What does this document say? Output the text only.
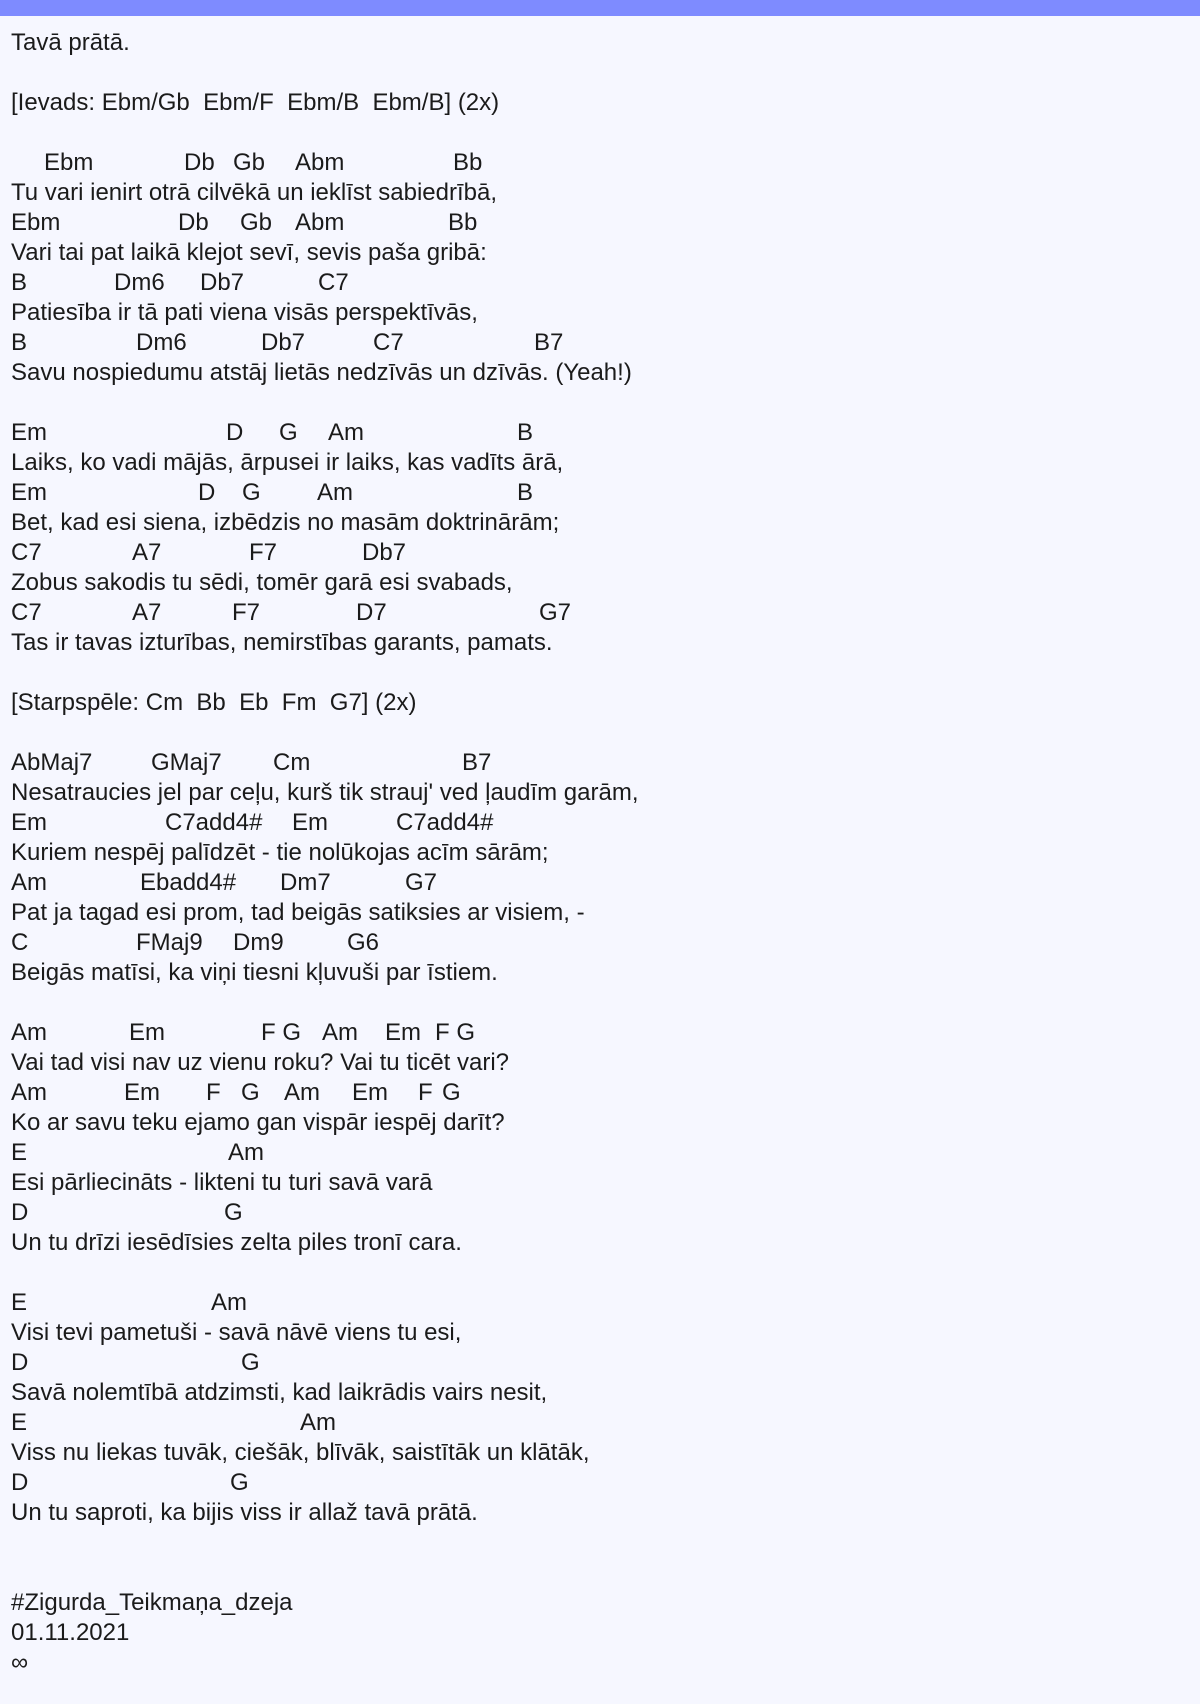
Tavā prātā.
[Ievads: Ebm/Gb  Ebm/F  Ebm/B  Ebm/B] (2x)
Ebm	Db Gb Abm	Bb
Tu vari ienirt otrā cilvēkā un ieklīst sabiedrībā,
Ebm	Db Gb Abm	Bb
Vari tai pat laikā klejot sevī, sevis paša gribā:
B	Dm6 Db7	C7
Patiesība ir tā pati viena visās perspektīvās,
B	Dm6	Db7	C7	B7
Savu nospiedumu atstāj lietās nedzīvās un dzīvās. (Yeah!)
Em	D G Am	B
Laiks, ko vadi mājās, ārpusei ir laiks, kas vadīts ārā,
Em	D G Am	B
Bet, kad esi siena, izbēdzis no masām doktrinārām;
C7	A7	F7	Db7
Zobus sakodis tu sēdi, tomēr garā esi svabads,
C7	A7	F7	D7	G7
Tas ir tavas izturības, nemirstības garants, pamats.
[Starpspēle: Cm  Bb  Eb  Fm  G7] (2x)
AbMaj7 GMaj7 Cm	B7
Nesatraucies jel par ceļu, kurš tik strauj' ved ļaudīm garām,
Em	C7add4# Em	C7add4#
Kuriem nespēj palīdzēt - tie nolūkojas acīm sārām;
Am	Ebadd4# Dm7	G7
Pat ja tagad esi prom, tad beigās satiksies ar visiem, -
C	FMaj9 Dm9	G6
Beigās matīsi, ka viņi tiesni kļuvuši par īstiem.
Am	Em	F G Am Em F G
Vai tad visi nav uz vienu roku? Vai tu ticēt vari?
Am	Em F G Am Em F G
Ko ar savu teku ejamo gan vispār iespēj darīt?
E	Am
Esi pārliecināts - likteni tu turi savā varā
D	G
Un tu drīzi iesēdīsies zelta piles tronī cara.
E	Am
Visi tevi pametuši - savā nāvē viens tu esi,
D	G
Savā nolemtībā atdzimsti, kad laikrādis vairs nesit,
E	Am
Viss nu liekas tuvāk, ciešāk, blīvāk, saistītāk un klātāk,
D	G
Un tu saproti, ka bijis viss ir allaž tavā prātā.
#Zigurda_Teikmaņa_dzeja
01.11.2021
∞
